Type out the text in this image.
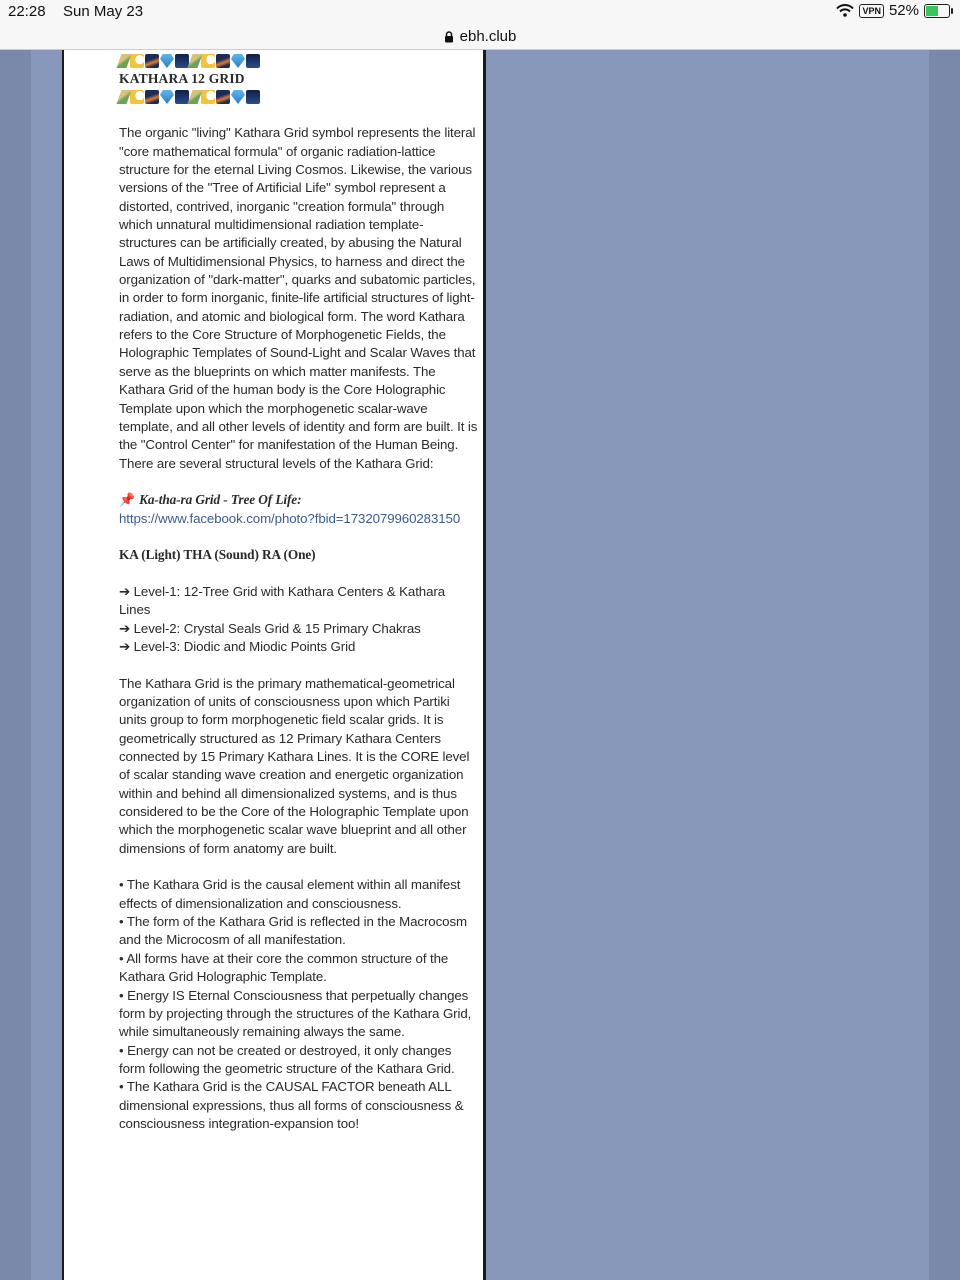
22:28 Sun May 23	VPN 52%
ebh.club
KATHARA 12 GRID

The organic "living" Kathara Grid symbol represents the literal "core mathematical formula" of organic radiation-lattice structure for the eternal Living Cosmos. Likewise, the various versions of the "Tree of Artificial Life" symbol represent a distorted, contrived, inorganic "creation formula" through which unnatural multidimensional radiation template-structures can be artificially created, by abusing the Natural Laws of Multidimensional Physics, to harness and direct the organization of "dark-matter", quarks and subatomic particles, in order to form inorganic, finite-life artificial structures of light-radiation, and atomic and biological form. The word Kathara refers to the Core Structure of Morphogenetic Fields, the Holographic Templates of Sound-Light and Scalar Waves that serve as the blueprints on which matter manifests. The Kathara Grid of the human body is the Core Holographic Template upon which the morphogenetic scalar-wave template, and all other levels of identity and form are built. It is the "Control Center" for manifestation of the Human Being. There are several structural levels of the Kathara Grid:

📌 Ka-tha-ra Grid - Tree Of Life:
https://www.facebook.com/photo?fbid=1732079960283150

KA (Light) THA (Sound) RA (One)

➔ Level-1: 12-Tree Grid with Kathara Centers & Kathara Lines

➔ Level-2: Crystal Seals Grid & 15 Primary Chakras

➔ Level-3: Diodic and Miodic Points Grid

The Kathara Grid is the primary mathematical-geometrical organization of units of consciousness upon which Partiki units group to form morphogenetic field scalar grids. It is geometrically structured as 12 Primary Kathara Centers connected by 15 Primary Kathara Lines. It is the CORE level of scalar standing wave creation and energetic organization within and behind all dimensionalized systems, and is thus considered to be the Core of the Holographic Template upon which the morphogenetic scalar wave blueprint and all other dimensions of form anatomy are built.

• The Kathara Grid is the causal element within all manifest effects of dimensionalization and consciousness.

• The form of the Kathara Grid is reflected in the Macrocosm and the Microcosm of all manifestation.

• All forms have at their core the common structure of the Kathara Grid Holographic Template.

• Energy IS Eternal Consciousness that perpetually changes form by projecting through the structures of the Kathara Grid, while simultaneously remaining always the same.

• Energy can not be created or destroyed, it only changes form following the geometric structure of the Kathara Grid.

• The Kathara Grid is the CAUSAL FACTOR beneath ALL dimensional expressions, thus all forms of consciousness & consciousness integration-expansion too!
